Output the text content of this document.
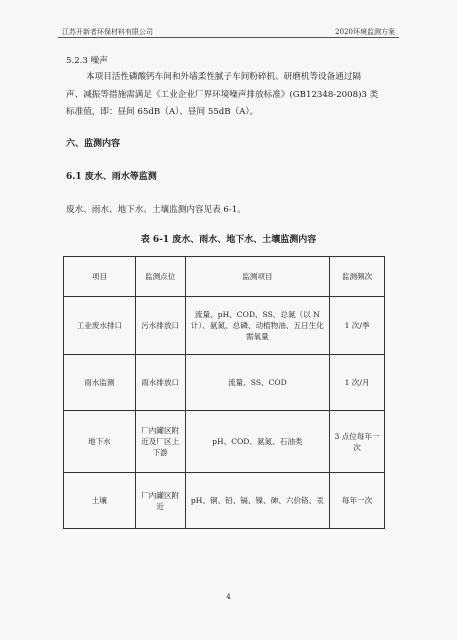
江苏开新者环保材料有限公司	2020环境监测方案
5.2.3 噪声
本项目活性磷酸钙车间和外墙柔性腻子车间粉碎机、研磨机等设备通过隔
声、减振等措施需满足《工业企业厂界环境噪声排放标准》(GB12348-2008)3 类
标准值，即：昼间 65dB（A）、昼间 55dB（A）。
六、监测内容
6.1 废水、雨水等监测
废水、雨水、地下水、土壤监测内容见表 6-1。
表 6-1 废水、雨水、地下水、土壤监测内容
项目	监测点位	监测项目	监测频次
工业废水排口	污水排放口	流量、pH、COD、SS、总氮（以 N 计）、氨氮、总磷、动植物油、五日生化需氧量	1 次/季
雨水监测	雨水排放口	流量、SS、COD	1 次/月
地下水	厂内罐区附近及厂区上下游	pH、COD、氨氮、石油类	3 点位每年一次
土壤	厂内罐区附近	pH、铜、铅、镉、镍、砷、六价铬、汞	每年一次
4
